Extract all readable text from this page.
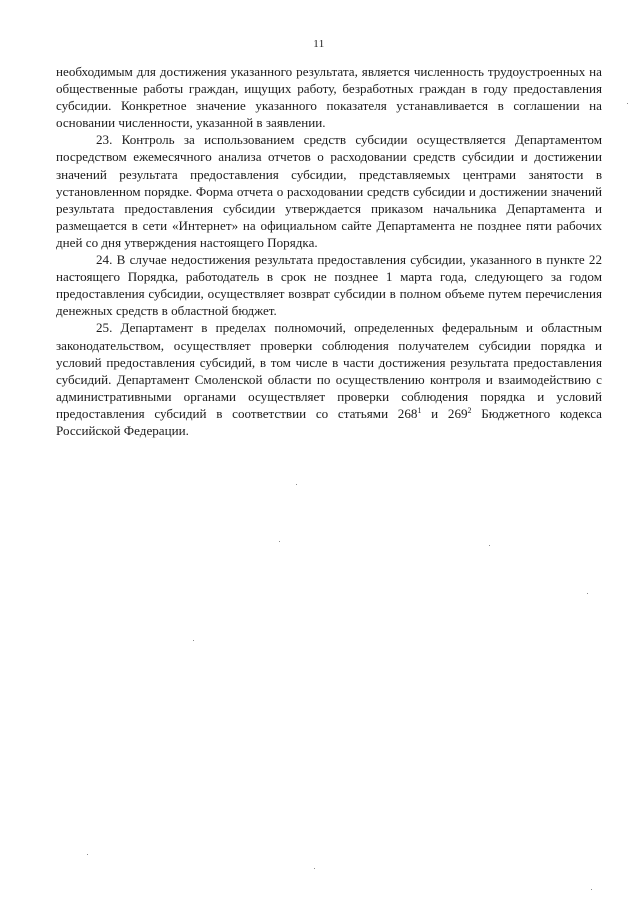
11

необходимым для достижения указанного результата, является численность трудоустроенных на общественные работы граждан, ищущих работу, безработных граждан в году предоставления субсидии. Конкретное значение указанного показателя устанавливается в соглашении на основании численности, указанной в заявлении.

23. Контроль за использованием средств субсидии осуществляется Департаментом посредством ежемесячного анализа отчетов о расходовании средств субсидии и достижении значений результата предоставления субсидии, представляемых центрами занятости в установленном порядке. Форма отчета о расходовании средств субсидии и достижении значений результата предоставления субсидии утверждается приказом начальника Департамента и размещается в сети «Интернет» на официальном сайте Департамента не позднее пяти рабочих дней со дня утверждения настоящего Порядка.

24. В случае недостижения результата предоставления субсидии, указанного в пункте 22 настоящего Порядка, работодатель в срок не позднее 1 марта года, следующего за годом предоставления субсидии, осуществляет возврат субсидии в полном объеме путем перечисления денежных средств в областной бюджет.

25. Департамент в пределах полномочий, определенных федеральным и областным законодательством, осуществляет проверки соблюдения получателем субсидии порядка и условий предоставления субсидий, в том числе в части достижения результата предоставления субсидий. Департамент Смоленской области по осуществлению контроля и взаимодействию с административными органами осуществляет проверки соблюдения порядка и условий предоставления субсидий в соответствии со статьями $268^1$ и $269^2$ Бюджетного кодекса Российской Федерации.
